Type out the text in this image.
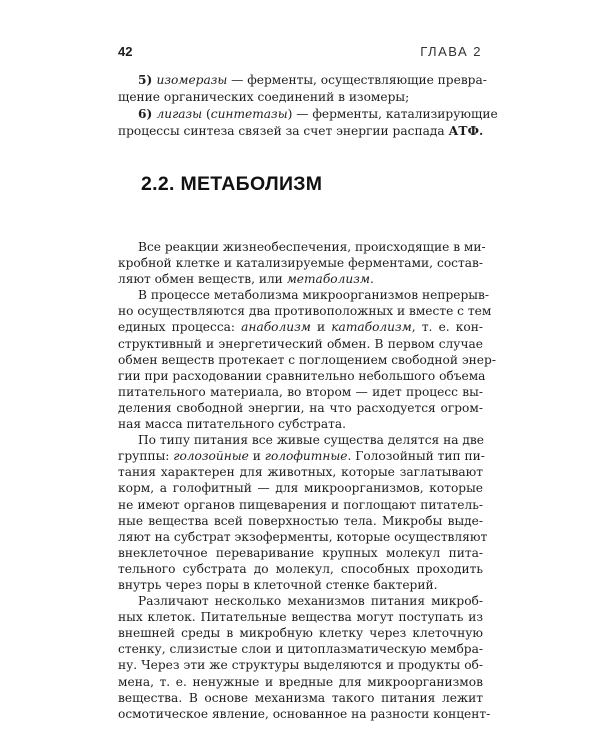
42	ГЛАВА 2
5) изомеразы — ферменты, осуществляющие превра-
щение органических соединений в изомеры;
6) лигазы (синтетазы) — ферменты, катализирующие
процессы синтеза связей за счет энергии распада АТФ.
2.2. МЕТАБОЛИЗМ
Все реакции жизнеобеспечения, происходящие в ми-
кробной клетке и катализируемые ферментами, состав-
ляют обмен веществ, или метаболизм.
В процессе метаболизма микроорганизмов непрерыв-
но осуществляются два противоположных и вместе с тем
единых процесса: анаболизм и катаболизм, т. е. кон-
структивный и энергетический обмен. В первом случае
обмен веществ протекает с поглощением свободной энер-
гии при расходовании сравнительно небольшого объема
питательного материала, во втором — идет процесс вы-
деления свободной энергии, на что расходуется огром-
ная масса питательного субстрата.
По типу питания все живые существа делятся на две
группы: голозойные и голофитные. Голозойный тип пи-
тания характерен для животных, которые заглатывают
корм, а голофитный — для микроорганизмов, которые
не имеют органов пищеварения и поглощают питатель-
ные вещества всей поверхностью тела. Микробы выде-
ляют на субстрат экзоферменты, которые осуществляют
внеклеточное переваривание крупных молекул пита-
тельного субстрата до молекул, способных проходить
внутрь через поры в клеточной стенке бактерий.
Различают несколько механизмов питания микроб-
ных клеток. Питательные вещества могут поступать из
внешней среды в микробную клетку через клеточную
стенку, слизистые слои и цитоплазматическую мембра-
ну. Через эти же структуры выделяются и продукты об-
мена, т. е. ненужные и вредные для микроорганизмов
вещества. В основе механизма такого питания лежит
осмотическое явление, основанное на разности концент-
